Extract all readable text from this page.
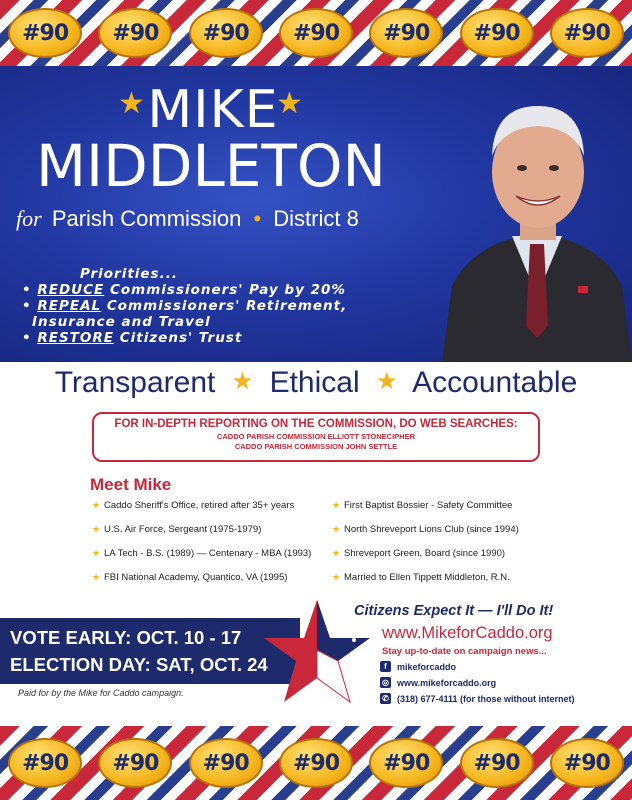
#90	#90	#90	#90	#90	#90	#90
★ MIKE
★
MIDDLETON
for Parish Commission • District 8
Priorities...
• REDUCE Commissioners' Pay by 20%
• REPEAL Commissioners' Retirement,
Insurance and Travel
• RESTORE Citizens' Trust
Transparent ★ Ethical ★ Accountable
FOR IN-DEPTH REPORTING ON THE COMMISSION, DO WEB SEARCHES:
CADDO PARISH COMMISSION ELLIOTT STONECIPHER
CADDO PARISH COMMISSION JOHN SETTLE
Meet Mike
★ Caddo Sheriff's Office, retired after 35+ years
★ U.S. Air Force, Sergeant (1975-1979)
★ LA Tech - B.S. (1989) — Centenary - MBA (1993)
★ FBI National Academy, Quantico, VA (1995)
★ First Baptist Bossier - Safety Committee
★ North Shreveport Lions Club (since 1994)
★ Shreveport Green, Board (since 1990)
★ Married to Ellen Tippett Middleton, R.N.
VOTE EARLY: OCT. 10 - 17
ELECTION DAY: SAT, OCT. 24
Paid for by the Mike for Caddo campaign.
Citizens Expect It — I'll Do It!
www.MikeforCaddo.org
Stay up-to-date on campaign news...
f	mikeforcaddo
◎ www.mikeforcaddo.org
✆ (318) 677-4111 (for those without internet)
#90	#90	#90	#90	#90	#90	#90
